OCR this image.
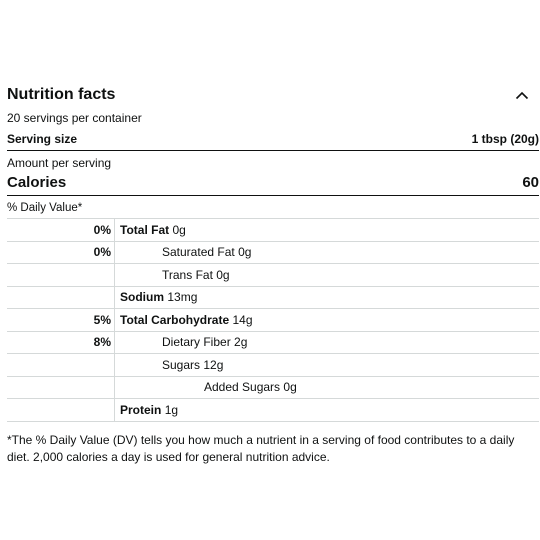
Nutrition facts
20 servings per container
Serving size	1 tbsp (20g)
Amount per serving
Calories	60
% Daily Value*
0%	Total Fat 0g
0%	Saturated Fat 0g
	Trans Fat 0g
	Sodium 13mg
5%	Total Carbohydrate 14g
8%	Dietary Fiber 2g
	Sugars 12g
	Added Sugars 0g
	Protein 1g
*The % Daily Value (DV) tells you how much a nutrient in a serving of food contributes to a daily diet. 2,000 calories a day is used for general nutrition advice.
